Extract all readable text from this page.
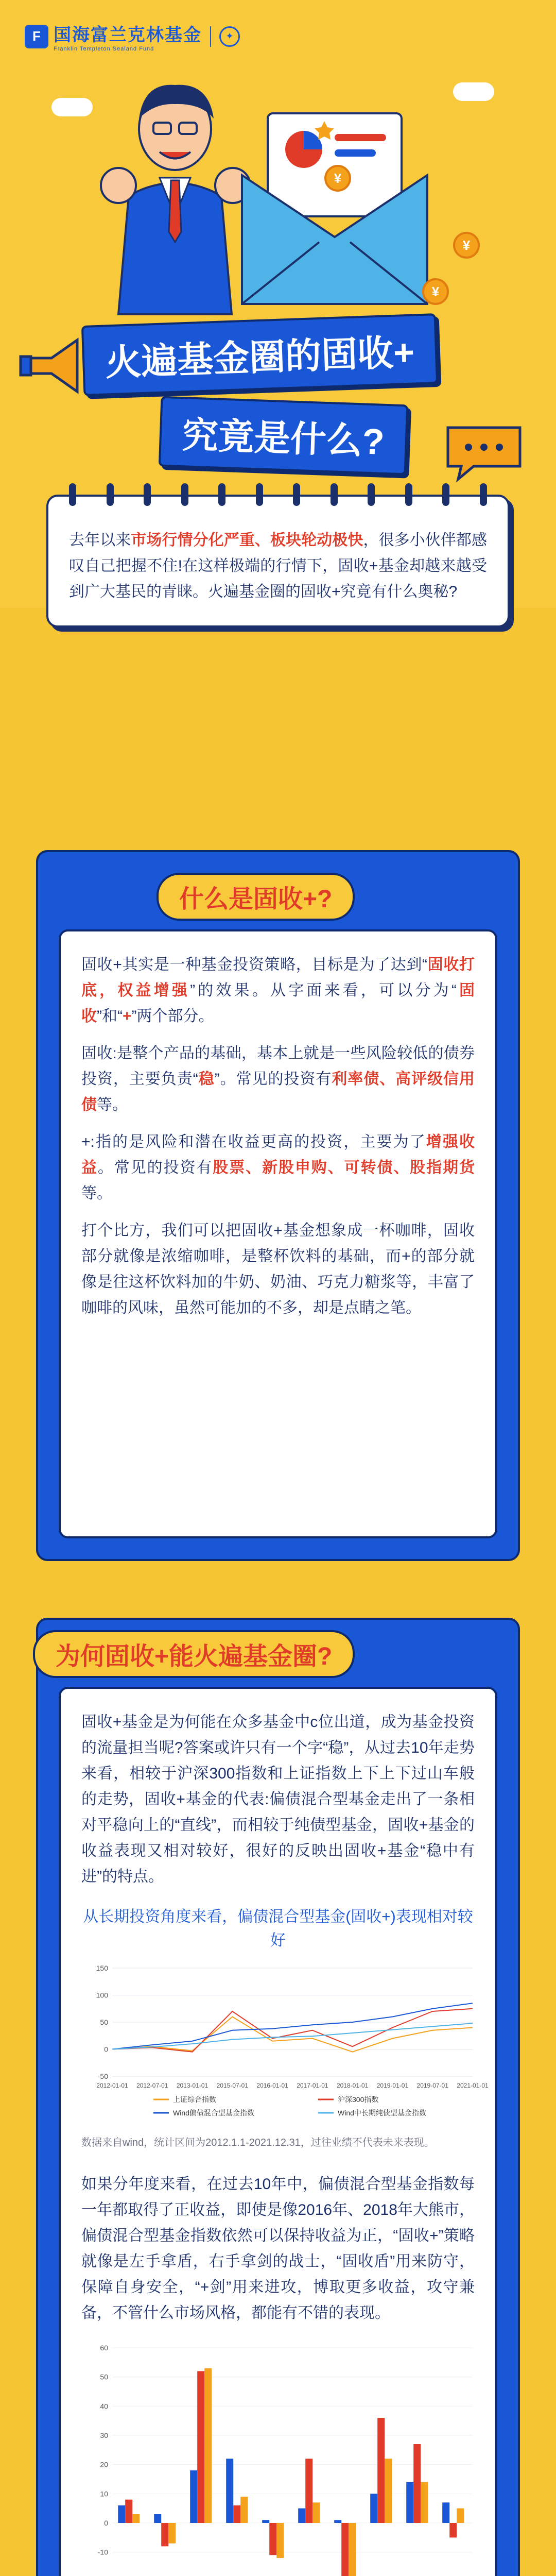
F 国海富兰克林基金
Franklin Templeton Sealand Fund
✦
¥
¥
¥
火遍基金圈的固收+
究竟是什么?

去年以来市场行情分化严重、板块轮动极快，很多小伙伴都感叹自己把握不住!在这样极端的行情下，固收+基金却越来越受到广大基民的青睐。火遍基金圈的固收+究竟有什么奥秘?

什么是固收+?

固收+其实是一种基金投资策略，目标是为了达到“固收打底，权益增强”的效果。从字面来看，可以分为“固收”和“+”两个部分。

固收:是整个产品的基础，基本上就是一些风险较低的债券投资，主要负责“稳”。常见的投资有利率债、高评级信用债等。

+:指的是风险和潜在收益更高的投资，主要为了增强收益。常见的投资有股票、新股申购、可转债、股指期货等。

打个比方，我们可以把固收+基金想象成一杯咖啡，固收部分就像是浓缩咖啡，是整杯饮料的基础，而+的部分就像是往这杯饮料加的牛奶、奶油、巧克力糖浆等，丰富了咖啡的风味，虽然可能加的不多，却是点睛之笔。

为何固收+能火遍基金圈?

固收+基金是为何能在众多基金中c位出道，成为基金投资的流量担当呢?答案或许只有一个字“稳”，从过去10年走势来看，相较于沪深300指数和上证指数上下上下过山车般的走势，固收+基金的代表:偏债混合型基金走出了一条相对平稳向上的“直线”，而相较于纯债型基金，固收+基金的收益表现又相对较好，很好的反映出固收+基金“稳中有进”的特点。

从长期投资角度来看，偏债混合型基金(固收+)表现相对较好
150
100
50
0
-50
2012-01-01 2012-07-01 2013-01-01 2015-07-01 2016-01-01 2017-01-01 2018-01-01 2019-01-01 2019-07-01 2021-01-01
上证综合指数	沪深300指数
Wind偏债混合型基金指数	Wind中长期纯债型基金指数

数据来自wind，统计区间为2012.1.1-2021.12.31，过往业绩不代表未来表现。

如果分年度来看，在过去10年中，偏债混合型基金指数每一年都取得了正收益，即使是像2016年、2018年大熊市，偏债混合型基金指数依然可以保持收益为正，“固收+”策略就像是左手拿盾，右手拿剑的战士，“固收盾”用来防守，保障自身安全，“+剑”用来进攻，博取更多收益，攻守兼备，不管什么市场风格，都能有不错的表现。

60
50
40
30
20
10
0
-10
